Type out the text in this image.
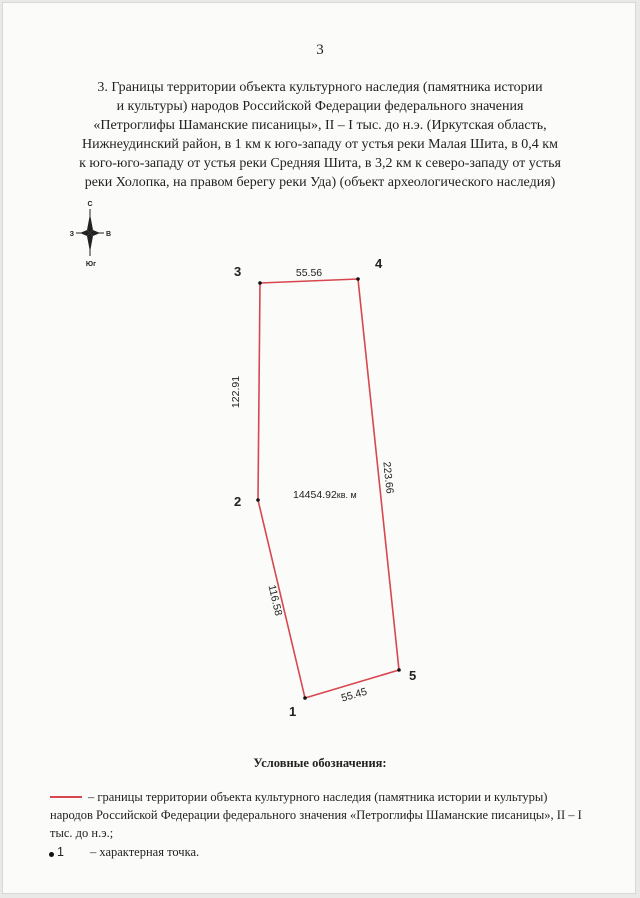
3
3. Границы территории объекта культурного наследия (памятника истории
и культуры) народов Российской Федерации федерального значения
«Петроглифы Шаманские писаницы», II – I тыс. до н.э. (Иркутская область,
Нижнеудинский район, в 1 км к юго-западу от устья реки Малая Шита, в 0,4 км
к юго-юго-западу от устья реки Средняя Шита, в 3,2 км к северо-западу от устья
реки Холопка, на правом берегу реки Уда) (объект археологического наследия)
С
З	В
Юг
1
2
3
4
5
55.56
122.91
223.66
116.58
55.45
14454.92кв. м
Условные обозначения:
– границы территории объекта культурного наследия (памятника истории и культуры) народов Российской Федерации федерального значения «Петроглифы Шаманские писаницы», II – I тыс. до н.э.;
1 – характерная точка.
